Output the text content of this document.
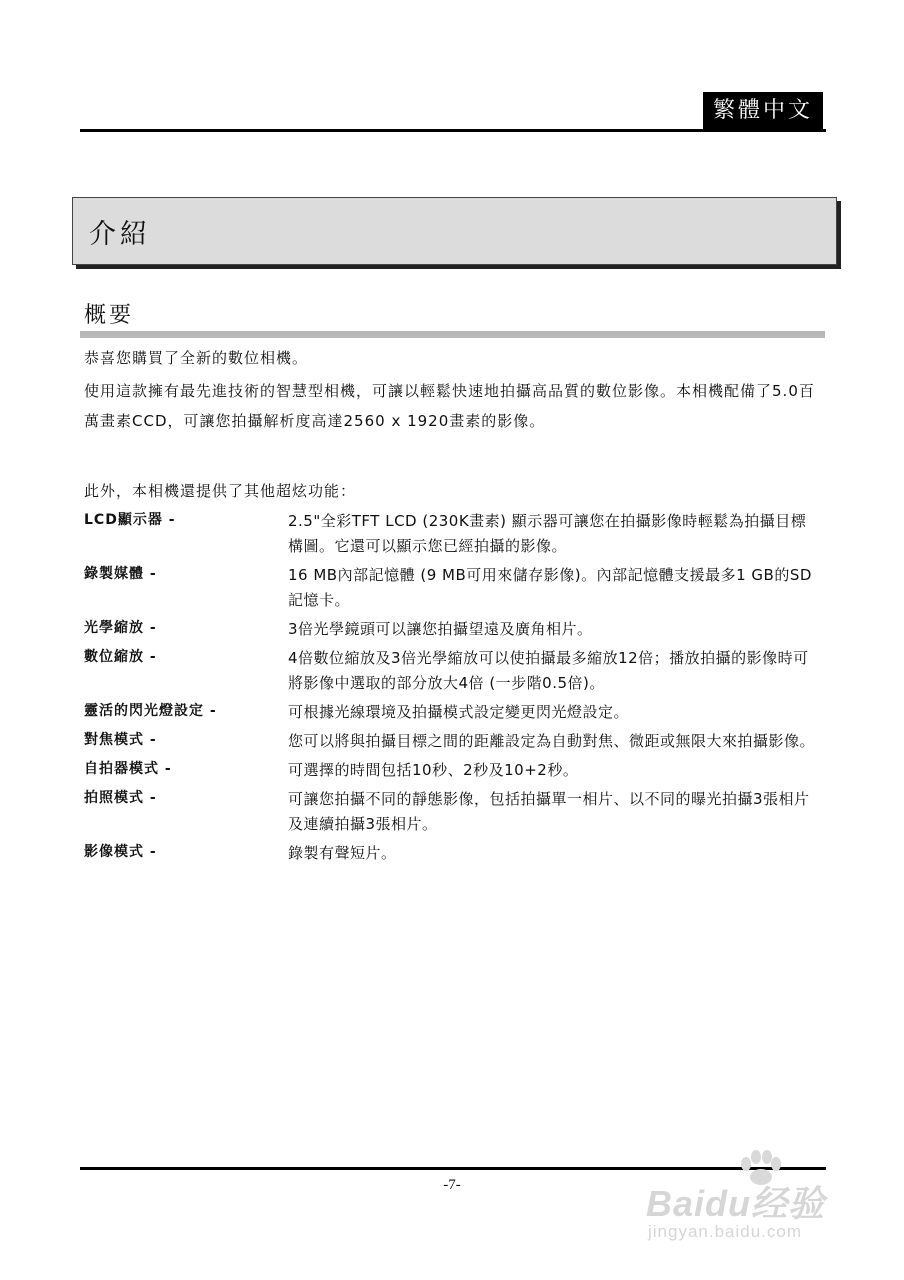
繁體中文
介紹
概要
恭喜您購買了全新的數位相機。
使用這款擁有最先進技術的智慧型相機，可讓以輕鬆快速地拍攝高品質的數位影像。本相機配備了5.0百萬畫素CCD，可讓您拍攝解析度高達2560 x 1920畫素的影像。
此外，本相機還提供了其他超炫功能：
LCD顯示器 -	2.5"全彩TFT LCD (230K畫素) 顯示器可讓您在拍攝影像時輕鬆為拍攝目標構圖。它還可以顯示您已經拍攝的影像。
錄製媒體 -	16 MB內部記憶體 (9 MB可用來儲存影像)。內部記憶體支援最多1 GB的SD記憶卡。
光學縮放 -	3倍光學鏡頭可以讓您拍攝望遠及廣角相片。
數位縮放 -	4倍數位縮放及3倍光學縮放可以使拍攝最多縮放12倍；播放拍攝的影像時可將影像中選取的部分放大4倍 (一步階0.5倍)。
靈活的閃光燈設定 -	可根據光線環境及拍攝模式設定變更閃光燈設定。
對焦模式 -	您可以將與拍攝目標之間的距離設定為自動對焦、微距或無限大來拍攝影像。
自拍器模式 -	可選擇的時間包括10秒、2秒及10+2秒。
拍照模式 -	可讓您拍攝不同的靜態影像，包括拍攝單一相片、以不同的曝光拍攝3張相片及連續拍攝3張相片。
影像模式 -	錄製有聲短片。
-7-	Baidu经验
jingyan.baidu.com
